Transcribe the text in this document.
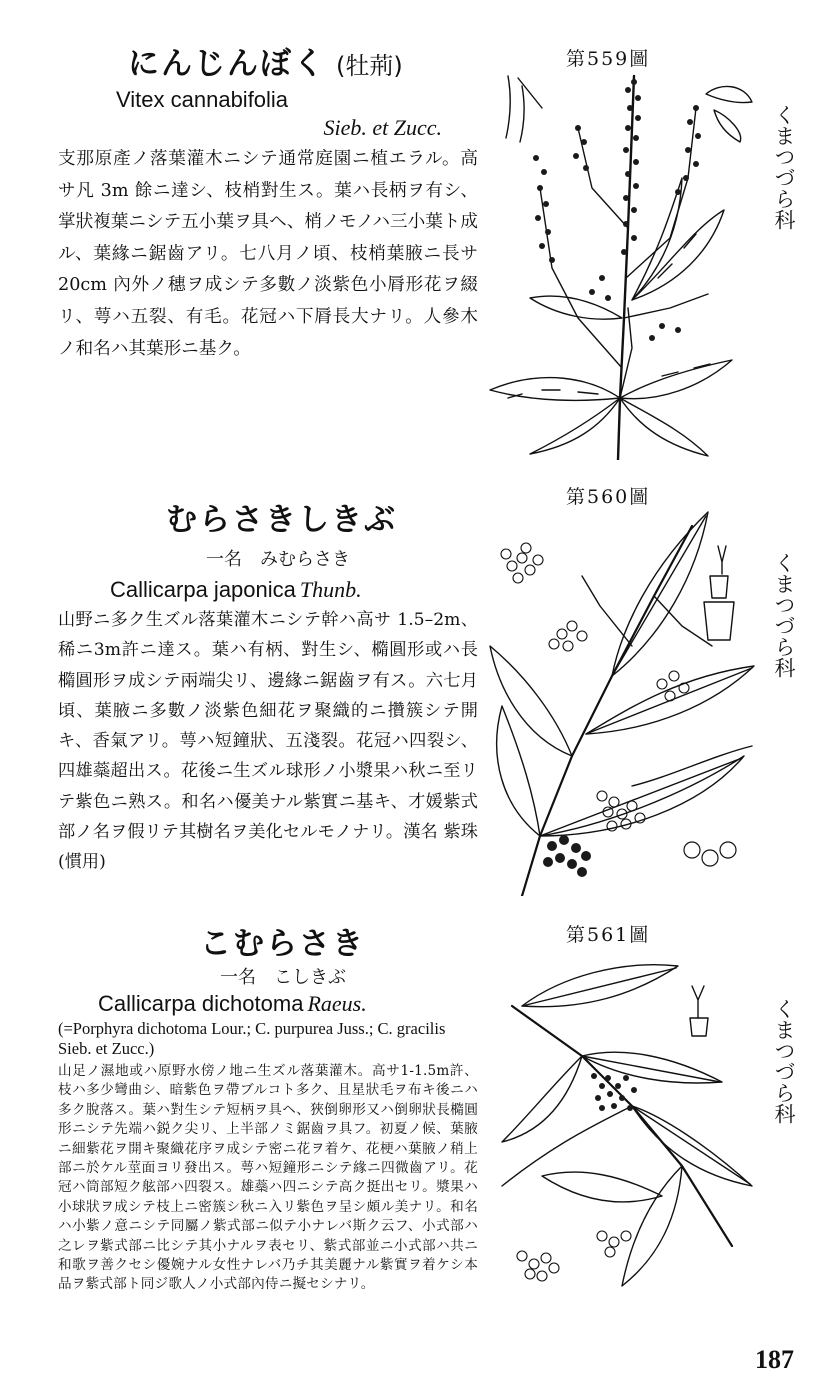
にんじんぼく (牡荊)
Vitex cannabifolia
Sieb. et Zucc.
支那原產ノ落葉灌木ニシテ通常庭園ニ植エラル。高サ凡 3m 餘ニ達シ、枝梢對生ス。葉ハ長柄ヲ有シ、掌狀複葉ニシテ五小葉ヲ具ヘ、梢ノモノハ三小葉ト成ル、葉緣ニ鋸齒アリ。七八月ノ頃、枝梢葉腋ニ長サ 20cm 內外ノ穗ヲ成シテ多數ノ淡紫色小脣形花ヲ綴リ、萼ハ五裂、有毛。花冠ハ下脣長大ナリ。人參木ノ和名ハ其葉形ニ基ク。
むらさきしきぶ
一名　みむらさき
Callicarpa japonica Thunb.
山野ニ多ク生ズル落葉灌木ニシテ幹ハ高サ 1.5–2m、稀ニ3m許ニ達ス。葉ハ有柄、對生シ、橢圓形或ハ長橢圓形ヲ成シテ兩端尖リ、邊緣ニ鋸齒ヲ有ス。六七月頃、葉腋ニ多數ノ淡紫色細花ヲ聚織的ニ攢簇シテ開キ、香氣アリ。萼ハ短鐘狀、五淺裂。花冠ハ四裂シ、四雄蘂超出ス。花後ニ生ズル球形ノ小漿果ハ秋ニ至リテ紫色ニ熟ス。和名ハ優美ナル紫實ニ基キ、才媛紫式部ノ名ヲ假リテ其樹名ヲ美化セルモノナリ。漢名 紫珠(慣用)
こむらさき
一名　こしきぶ
Callicarpa dichotoma Raeus.
(=Porphyra dichotoma Lour.; C. purpurea Juss.; C. gracilis Sieb. et Zucc.)
山足ノ濕地或ハ原野水傍ノ地ニ生ズル落葉灌木。高サ1-1.5m許、枝ハ多少彎曲シ、暗紫色ヲ帶ブルコト多ク、且星狀毛ヲ布キ後ニハ多ク脫落ス。葉ハ對生シテ短柄ヲ具ヘ、狹倒卵形又ハ倒卵狀長橢圓形ニシテ先端ハ鋭ク尖リ、上半部ノミ鋸齒ヲ具フ。初夏ノ候、葉腋ニ細紫花ヲ開キ聚織花序ヲ成シテ密ニ花ヲ着ケ、花梗ハ葉腋ノ稍上部ニ於ケル莖面ヨリ發出ス。萼ハ短鐘形ニシテ緣ニ四微齒アリ。花冠ハ筒部短ク舷部ハ四裂ス。雄蘂ハ四ニシテ高ク挺出セリ。漿果ハ小球狀ヲ成シテ枝上ニ密簇シ秋ニ入リ紫色ヲ呈シ頗ル美ナリ。和名ハ小紫ノ意ニシテ同屬ノ紫式部ニ似テ小ナレバ斯ク云フ、小式部ハ之レヲ紫式部ニ比シテ其小ナルヲ表セリ、紫式部並ニ小式部ハ共ニ和歌ヲ善クセシ優婉ナル女性ナレバ乃チ其美麗ナル紫實ヲ着ケシ本品ヲ紫式部ト同ジ歌人ノ小式部內侍ニ擬セシナリ。
第559圖
第560圖
第561圖
くまつづら科
くまつづら科
くまつづら科
187
